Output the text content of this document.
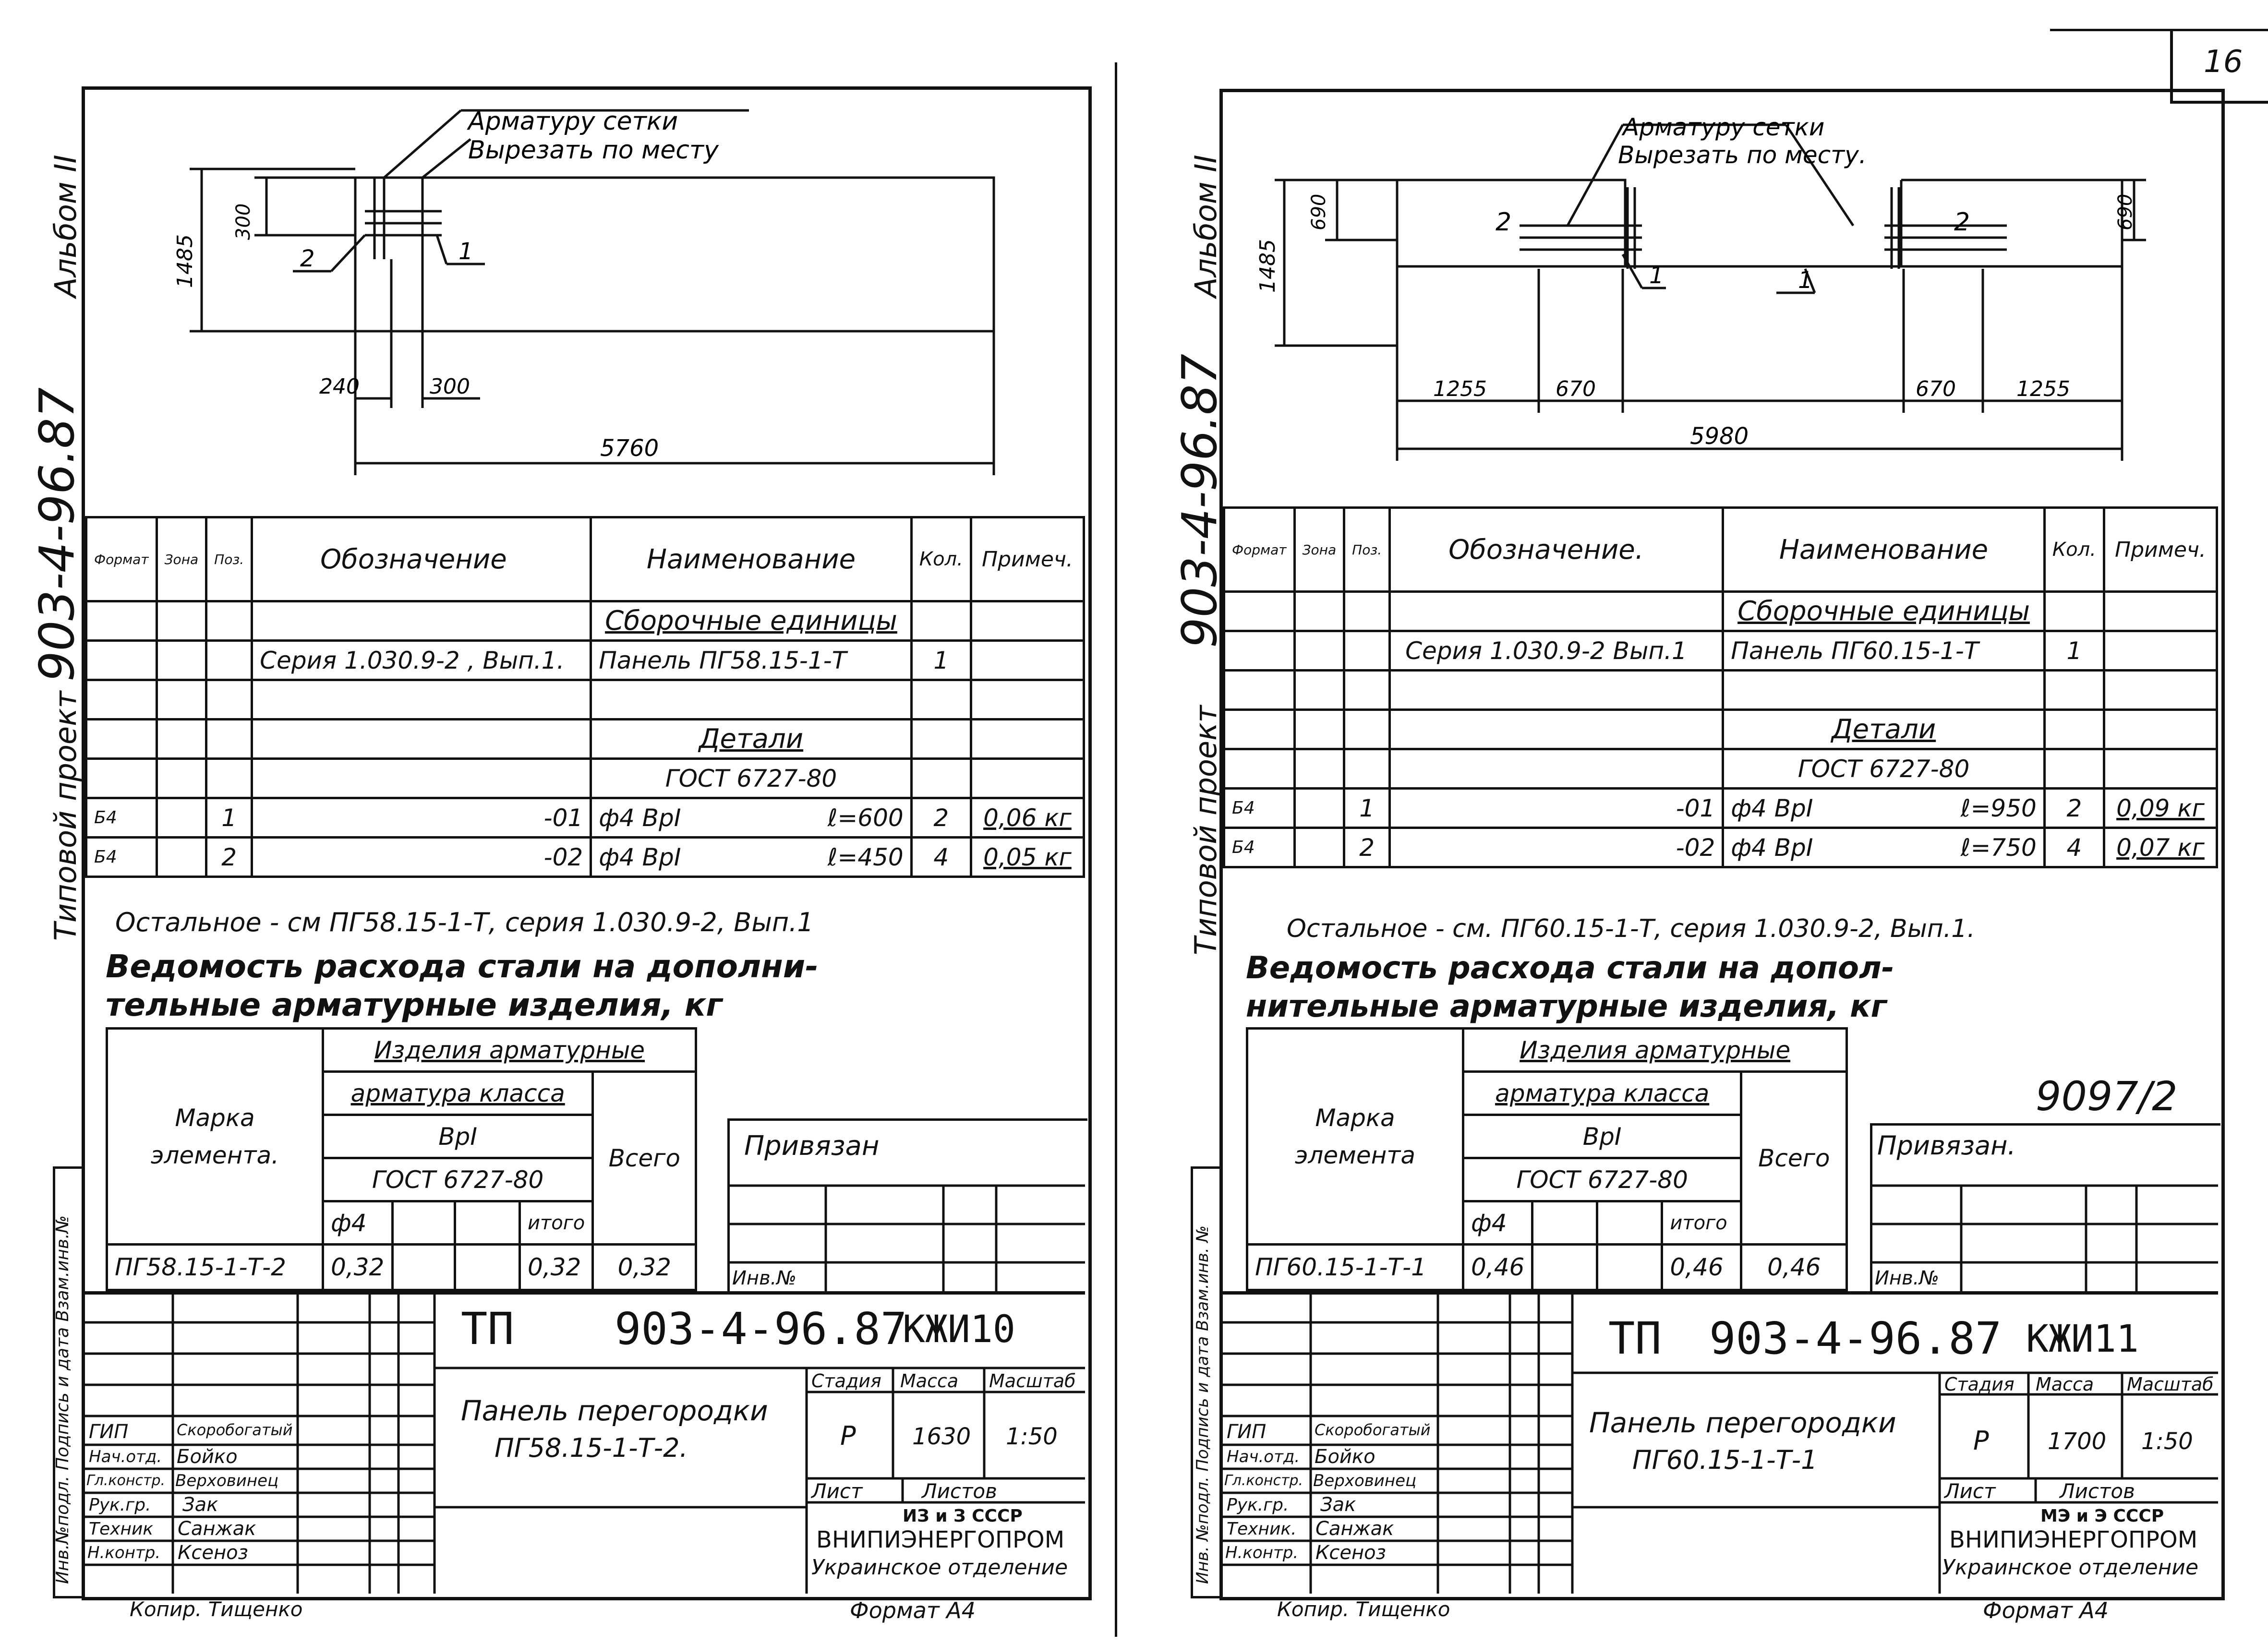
16
Альбом II
903-4-96.87
Типовой проект
Инв.№подл. Подпись и дата Взам.инв.№
Арматуру сетки
Вырезать по месту
1485
300
240	300
5760
2	1
Формат	Зона	Поз.	Обозначение	Наименование	Кол.	Примеч.
				Сборочные единицы		
			Серия 1.030.9-2 , Вып.1.	Панель ПГ58.15-1-Т	1	

				Детали		
				ГОСТ 6727-80		
Б4		1	-01	ф4 ВрI ℓ=600	2	0,06 кг
Б4		2	-02	ф4 ВрI ℓ=450	4	0,05 кг
Остальное - см ПГ58.15-1-Т, серия 1.030.9-2, Вып.1
Ведомость расхода стали на дополни-
тельные арматурные изделия, кг
Марка
элемента.	Изделия арматурные				
	арматура класса				Всего
	ВрI				
	ГОСТ 6727-80				
	ф4			итого	
ПГ58.15-1-Т-2	0,32			0,32	0,32
Привязан
Инв.№
ТП 903-4-96.87
КЖИ10
Панель перегородки
ПГ58.15-1-Т-2.
Стадия Масса Масштаб
Р 1630 1:50
Лист	Листов
ИЗ и З СССР
ВНИПИЭНЕРГОПРОМ
Украинское отделение
ГИП	Скоробогатый
Нач.отд. Бойко
Гл.констр. Верховинец
Рук.гр. Зак
Техник Санжак
Н.контр. Ксеноз
Копир. Тищенко	Формат А4
Альбом II
903-4-96.87
Типовой проект
Инв. №подл. Подпись и дата Взам.инв. №
Арматуру сетки
Вырезать по месту.
1485
690	690
1255	670	670	1255
5980
2	2
1	1
Формат	Зона	Поз.	Обозначение.	Наименование	Кол.	Примеч.
				Сборочные единицы		
			Серия 1.030.9-2 Вып.1	Панель ПГ60.15-1-Т	1	

				Детали		
				ГОСТ 6727-80		
Б4		1	-01	ф4 ВрI ℓ=950	2	0,09 кг
Б4		2	-02	ф4 ВрI ℓ=750	4	0,07 кг
Остальное - см. ПГ60.15-1-Т, серия 1.030.9-2, Вып.1.
Ведомость расхода стали на допол-
нительные арматурные изделия, кг
Марка
элемента	Изделия арматурные				
	арматура класса				Всего
	ВрI				
	ГОСТ 6727-80				
	ф4			итого	
ПГ60.15-1-Т-1	0,46			0,46	0,46
9097/2
Привязан.
Инв.№
ТП 903-4-96.87 КЖИ11
Панель перегородки
ПГ60.15-1-Т-1
Стадия Масса Масштаб
Р	1700 1:50
Лист	Листов
МЭ и Э СССР
ВНИПИЭНЕРГОПРОМ
Украинское отделение
ГИП	Скоробогатый
Нач.отд. Бойко
Гл.констр. Верховинец
Рук.гр. Зак
Техник. Санжак
Н.контр. Ксеноз
Копир. Тищенко	Формат А4
